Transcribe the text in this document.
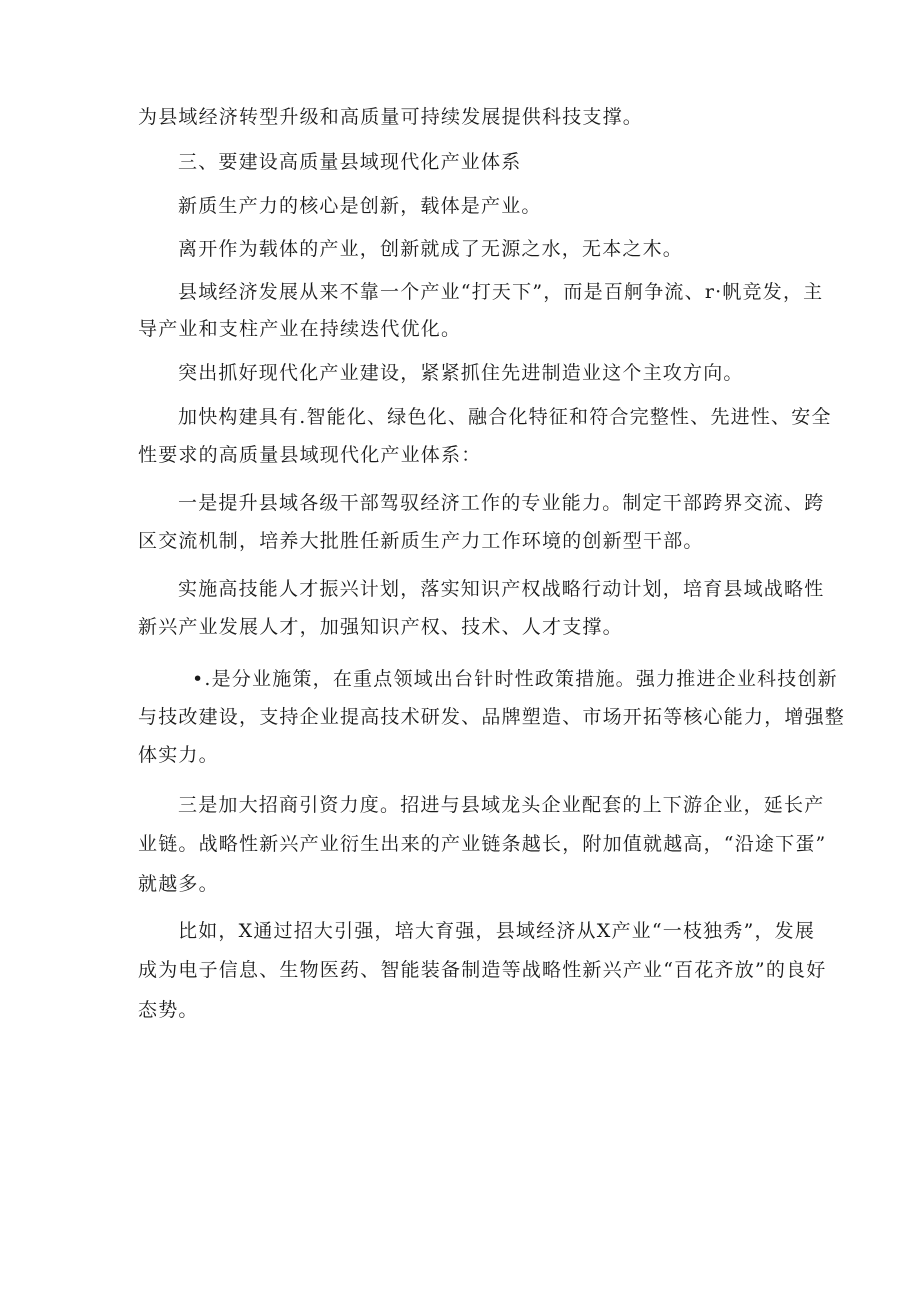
为县域经济转型升级和高质量可持续发展提供科技支撑。
三、要建设高质量县域现代化产业体系
新质生产力的核心是创新，载体是产业。
离开作为载体的产业，创新就成了无源之水，无本之木。
县域经济发展从来不靠一个产业“打天下”，而是百舸争流、r·帆竞发，主
导产业和支柱产业在持续迭代优化。
突出抓好现代化产业建设，紧紧抓住先进制造业这个主攻方向。
加快构建具有.智能化、绿色化、融合化特征和符合完整性、先进性、安全
性要求的高质量县域现代化产业体系：
一是提升县域各级干部驾驭经济工作的专业能力。制定干部跨界交流、跨
区交流机制，培养大批胜任新质生产力工作环境的创新型干部。
实施高技能人才振兴计划，落实知识产权战略行动计划，培育县域战略性
新兴产业发展人才，加强知识产权、技术、人才支撑。
•.是分业施策，在重点领域出台针时性政策措施。强力推进企业科技创新
与技改建设，支持企业提高技术研发、品牌塑造、市场开拓等核心能力，增强整
体实力。
三是加大招商引资力度。招进与县域龙头企业配套的上下游企业，延长产
业链。战略性新兴产业衍生出来的产业链条越长，附加值就越高，“沿途下蛋”
就越多。
比如，X通过招大引强，培大育强，县域经济从X产业“一枝独秀”，发展
成为电子信息、生物医药、智能装备制造等战略性新兴产业“百花齐放”的良好
态势。
